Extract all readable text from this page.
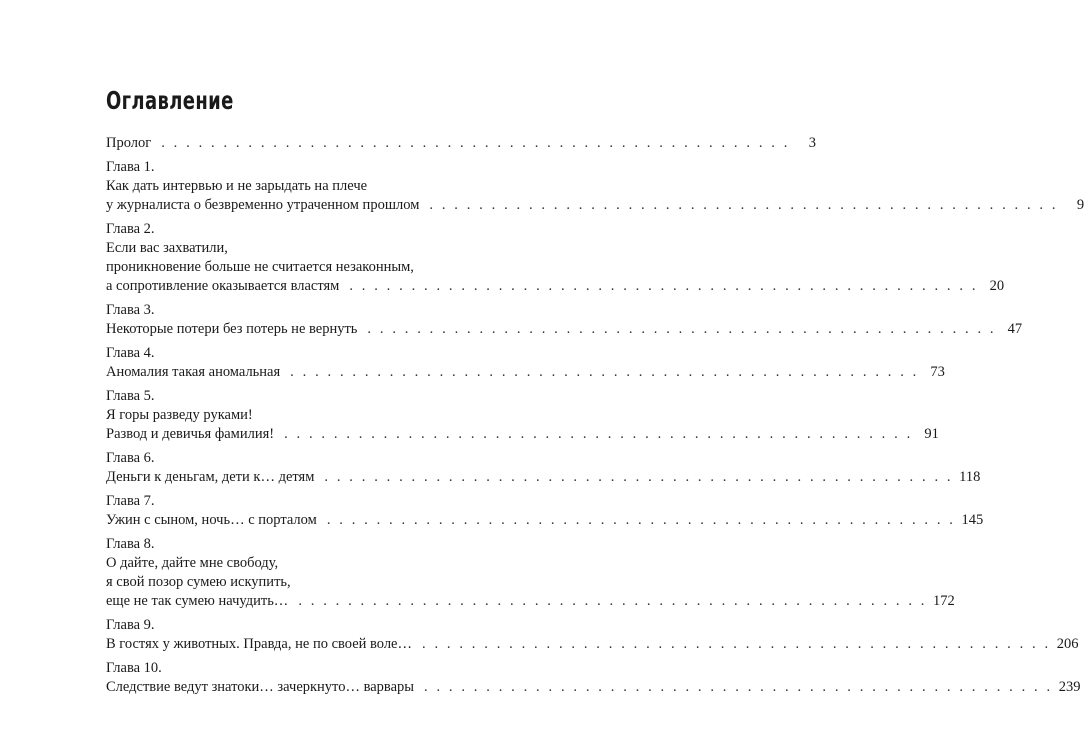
Оглавление
Пролог . . . . . . . . . . . . . . . . . . . . . . . . . . . . . . . . . . . . . . . . . . . . . . . . . . .	3
Глава 1.
Как дать интервью и не зарыдать на плече
у журналиста о безвременно утраченном прошлом . . . . . . . . . . . . . . . . . . . . . . . . . . . . . . . . . . . . . . . . . . . . . . . . . . .	9
Глава 2.
Если вас захватили,
проникновение больше не считается незаконным,
а сопротивление оказывается властям . . . . . . . . . . . . . . . . . . . . . . . . . . . . . . . . . . . . . . . . . . . . . . . . . . . 20
Глава 3.
Некоторые потери без потерь не вернуть . . . . . . . . . . . . . . . . . . . . . . . . . . . . . . . . . . . . . . . . . . . . . . . . . . . 47
Глава 4.
Аномалия такая аномальная . . . . . . . . . . . . . . . . . . . . . . . . . . . . . . . . . . . . . . . . . . . . . . . . . . . 73
Глава 5.
Я горы разведу руками!
Развод и девичья фамилия! . . . . . . . . . . . . . . . . . . . . . . . . . . . . . . . . . . . . . . . . . . . . . . . . . . . 91
Глава 6.
Деньги к деньгам, дети к… детям . . . . . . . . . . . . . . . . . . . . . . . . . . . . . . . . . . . . . . . . . . . . . . . . . . . 118
Глава 7.
Ужин с сыном, ночь… с порталом . . . . . . . . . . . . . . . . . . . . . . . . . . . . . . . . . . . . . . . . . . . . . . . . . . . 145
Глава 8.
О дайте, дайте мне свободу,
я свой позор сумею искупить,
еще не так сумею начудить… . . . . . . . . . . . . . . . . . . . . . . . . . . . . . . . . . . . . . . . . . . . . . . . . . . . 172
Глава 9.
В гостях у животных. Правда, не по своей воле… . . . . . . . . . . . . . . . . . . . . . . . . . . . . . . . . . . . . . . . . . . . . . . . . . . . 206
Глава 10.
Следствие ведут знатоки… зачеркнуто… варвары . . . . . . . . . . . . . . . . . . . . . . . . . . . . . . . . . . . . . . . . . . . . . . . . . . . 239
